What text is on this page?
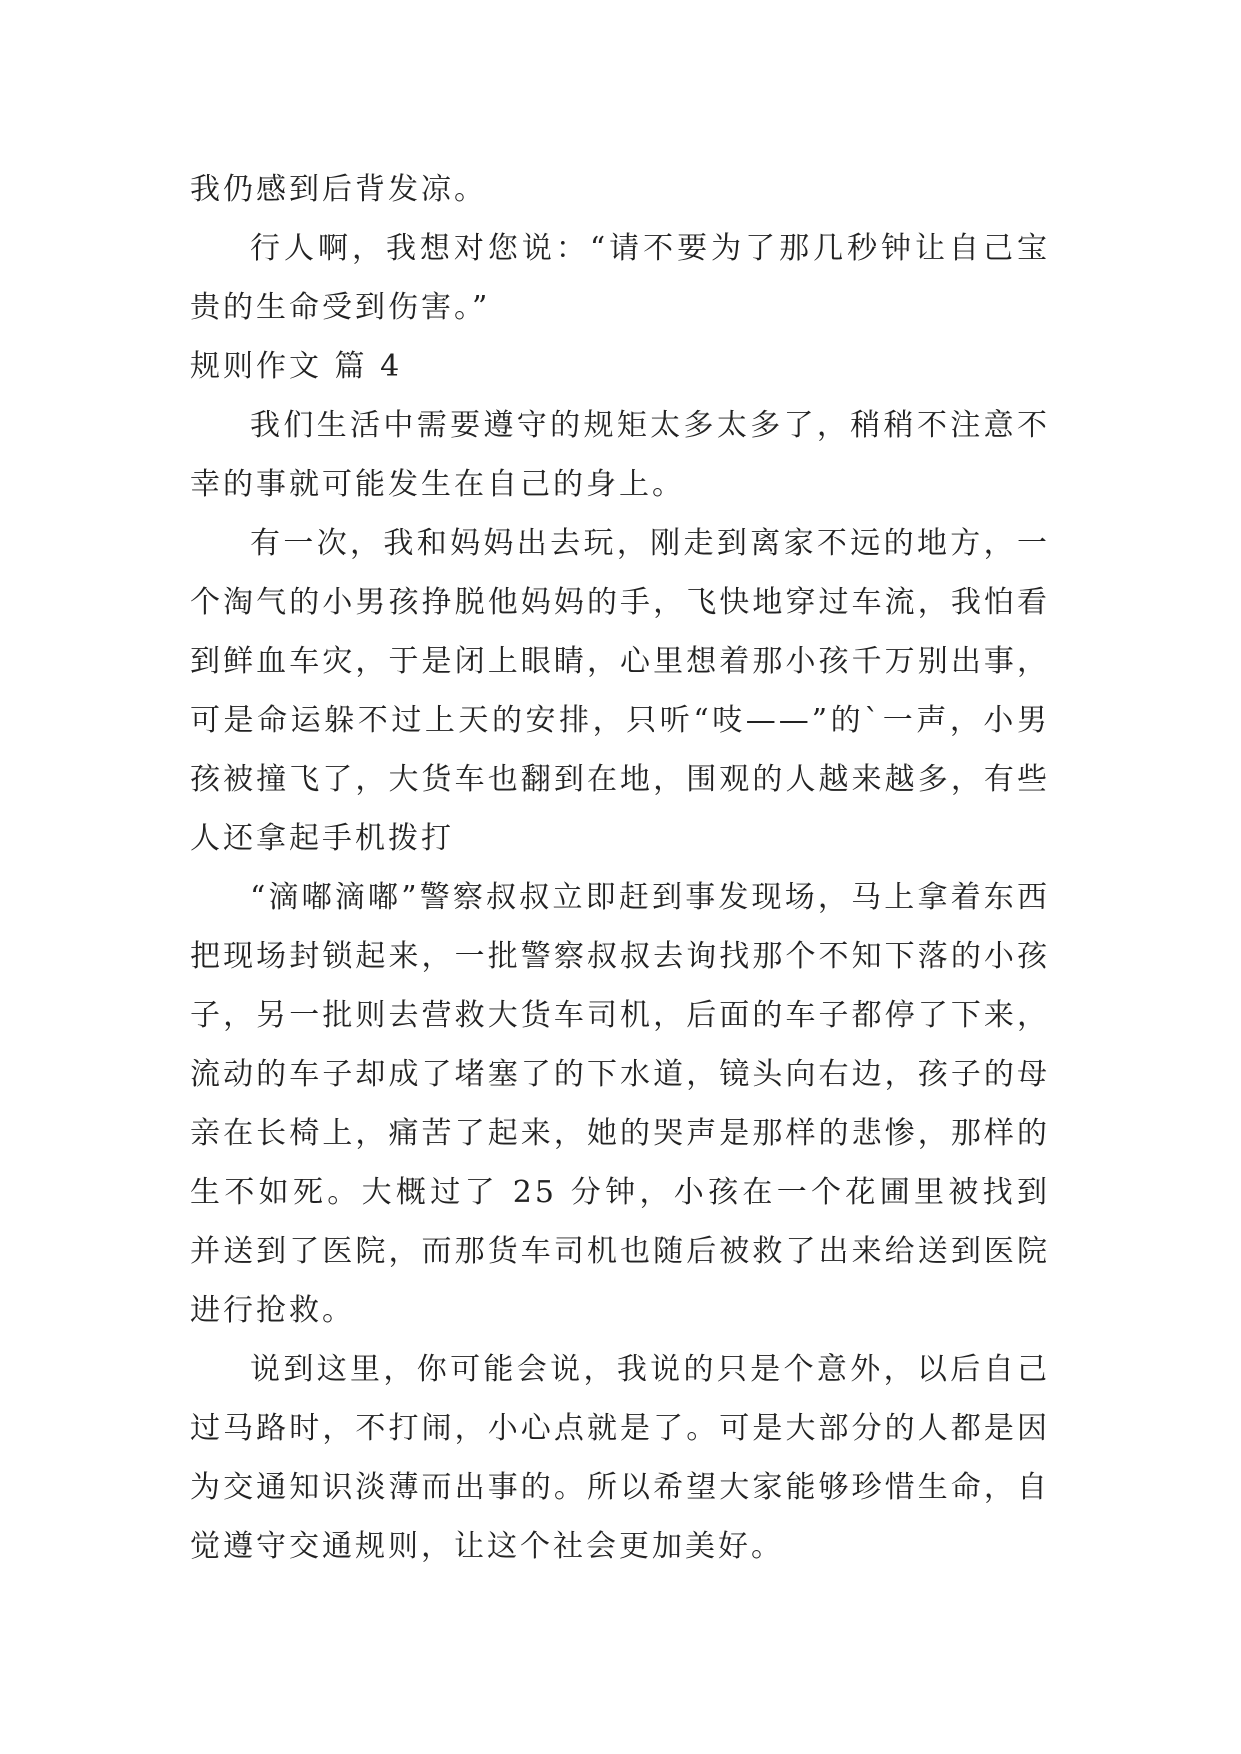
我仍感到后背发凉。

行人啊，我想对您说：“请不要为了那几秒钟让自己宝贵的生命受到伤害。”

规则作文 篇 4

我们生活中需要遵守的规矩太多太多了，稍稍不注意不幸的事就可能发生在自己的身上。

有一次，我和妈妈出去玩，刚走到离家不远的地方，一个淘气的小男孩挣脱他妈妈的手，飞快地穿过车流，我怕看到鲜血车灾，于是闭上眼睛，心里想着那小孩千万别出事，可是命运躲不过上天的安排，只听“吱——”的`一声，小男孩被撞飞了，大货车也翻到在地，围观的人越来越多，有些人还拿起手机拨打

“滴嘟滴嘟”警察叔叔立即赶到事发现场，马上拿着东西把现场封锁起来，一批警察叔叔去询找那个不知下落的小孩子，另一批则去营救大货车司机，后面的车子都停了下来，流动的车子却成了堵塞了的下水道，镜头向右边，孩子的母亲在长椅上，痛苦了起来，她的哭声是那样的悲惨，那样的生不如死。大概过了 25 分钟，小孩在一个花圃里被找到并送到了医院，而那货车司机也随后被救了出来给送到医院进行抢救。

说到这里，你可能会说，我说的只是个意外，以后自己过马路时，不打闹，小心点就是了。可是大部分的人都是因为交通知识淡薄而出事的。所以希望大家能够珍惜生命，自觉遵守交通规则，让这个社会更加美好。
